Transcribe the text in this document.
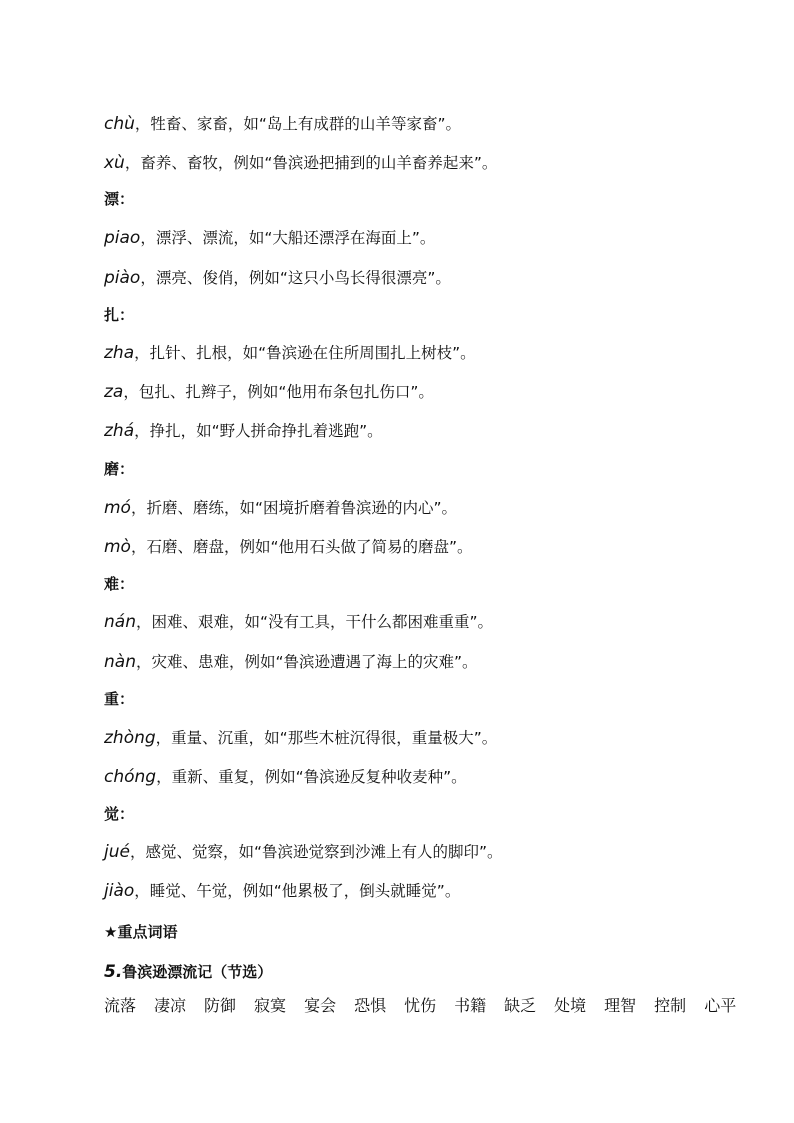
chù，牲畜、家畜，如“岛上有成群的山羊等家畜”。
xù，畜养、畜牧，例如“鲁滨逊把捕到的山羊畜养起来”。
漂：
piao，漂浮、漂流，如“大船还漂浮在海面上”。
piào，漂亮、俊俏，例如“这只小鸟长得很漂亮”。
扎：
zha，扎针、扎根，如“鲁滨逊在住所周围扎上树枝”。
za，包扎、扎辫子，例如“他用布条包扎伤口”。
zhá，挣扎，如“野人拼命挣扎着逃跑”。
磨：
mó，折磨、磨练，如“困境折磨着鲁滨逊的内心”。
mò，石磨、磨盘，例如“他用石头做了简易的磨盘”。
难：
nán，困难、艰难，如“没有工具，干什么都困难重重”。
nàn，灾难、患难，例如“鲁滨逊遭遇了海上的灾难”。
重：
zhòng，重量、沉重，如“那些木桩沉得很，重量极大”。
chóng，重新、重复，例如“鲁滨逊反复种收麦种”。
觉：
jué，感觉、觉察，如“鲁滨逊觉察到沙滩上有人的脚印”。
jiào，睡觉、午觉，例如“他累极了，倒头就睡觉”。
★重点词语
5.鲁滨逊漂流记（节选）
流落 凄凉 防御 寂寞 宴会 恐惧 忧伤 书籍 缺乏 处境 理智 控制 心平
